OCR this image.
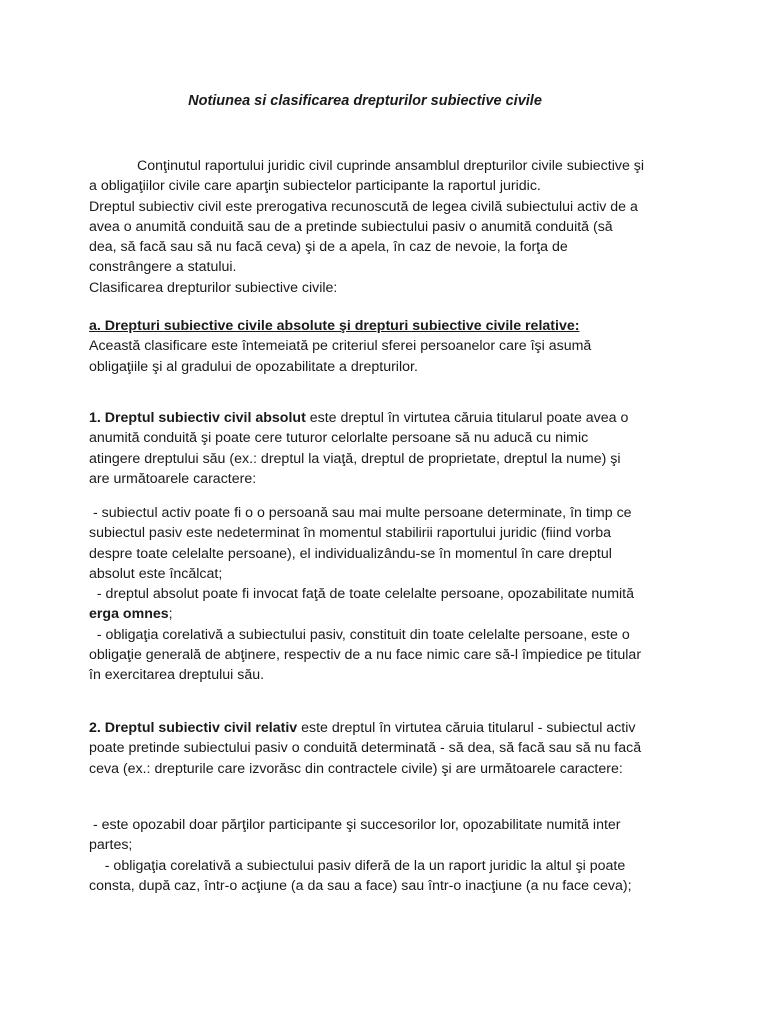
Notiunea si clasificarea drepturilor subiective civile
Conţinutul raportului juridic civil cuprinde ansamblul drepturilor civile subiective şi
a obligaţiilor civile care aparţin subiectelor participante la raportul juridic.
Dreptul subiectiv civil este prerogativa recunoscută de legea civilă subiectului activ de a
avea o anumită conduită sau de a pretinde subiectului pasiv o anumită conduită (să
dea, să facă sau să nu facă ceva) şi de a apela, în caz de nevoie, la forţa de
constrângere a statului.
Clasificarea drepturilor subiective civile:
a. Drepturi subiective civile absolute şi drepturi subiective civile relative:
Această clasificare este întemeiată pe criteriul sferei persoanelor care îşi asumă
obligaţiile şi al gradului de opozabilitate a drepturilor.
1. Dreptul subiectiv civil absolut este dreptul în virtutea căruia titularul poate avea o
anumită conduită şi poate cere tuturor celorlalte persoane să nu aducă cu nimic
atingere dreptului său (ex.: dreptul la viaţă, dreptul de proprietate, dreptul la nume) şi
are următoarele caractere:
- subiectul activ poate fi o o persoană sau mai multe persoane determinate, în timp ce
subiectul pasiv este nedeterminat în momentul stabilirii raportului juridic (fiind vorba
despre toate celelalte persoane), el individualizându-se în momentul în care dreptul
absolut este încălcat;
- dreptul absolut poate fi invocat faţă de toate celelalte persoane, opozabilitate numită
erga omnes;
- obligaţia corelativă a subiectului pasiv, constituit din toate celelalte persoane, este o
obligaţie generală de abţinere, respectiv de a nu face nimic care să-l împiedice pe titular
în exercitarea dreptului său.
2. Dreptul subiectiv civil relativ este dreptul în virtutea căruia titularul - subiectul activ
poate pretinde subiectului pasiv o conduită determinată - să dea, să facă sau să nu facă
ceva (ex.: drepturile care izvorăsc din contractele civile) şi are următoarele caractere:
- este opozabil doar părţilor participante şi succesorilor lor, opozabilitate numită inter
partes;
- obligaţia corelativă a subiectului pasiv diferă de la un raport juridic la altul şi poate
consta, după caz, într-o acţiune (a da sau a face) sau într-o inacţiune (a nu face ceva);
